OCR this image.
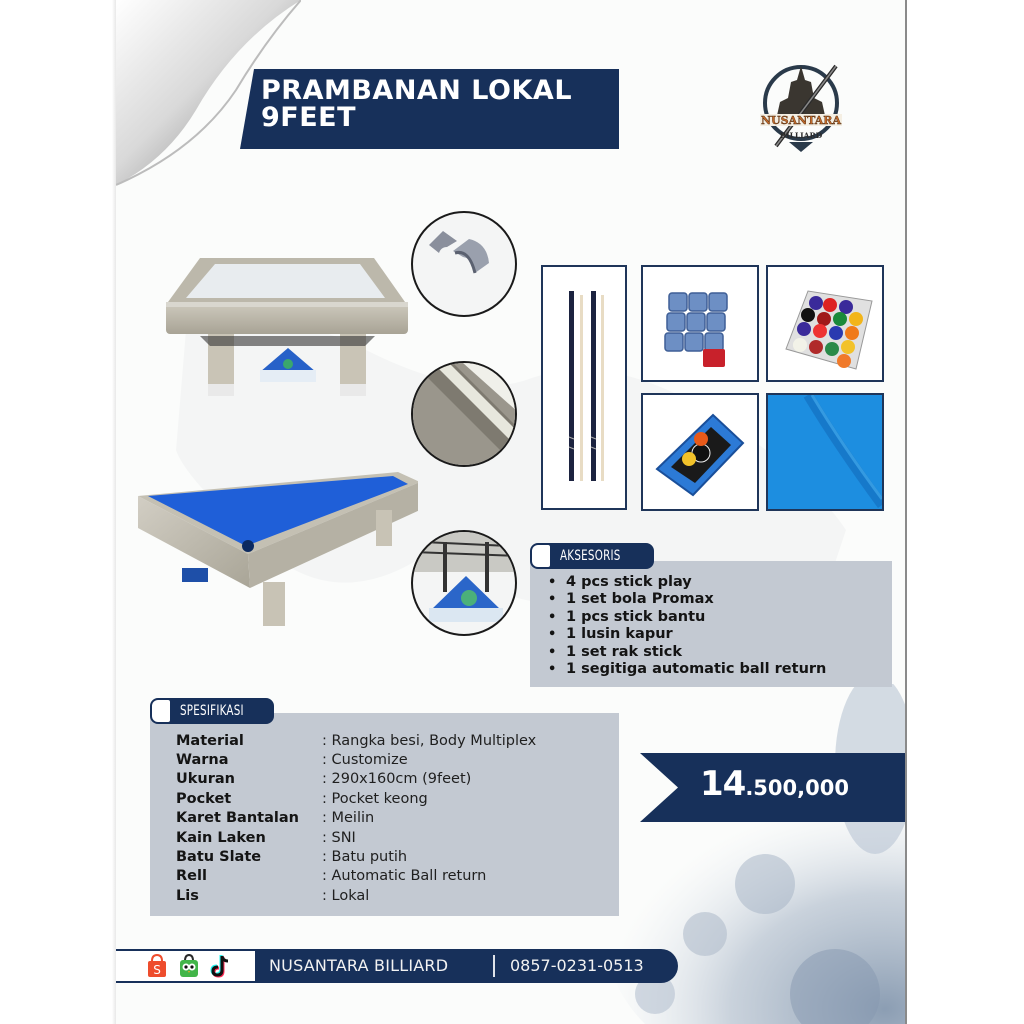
PRAMBANAN LOKAL
9FEET	NUSANTARA
BILLIARD
AKSESORIS
• 4 pcs stick play
• 1 set bola Promax
• 1 pcs stick bantu
• 1 lusin kapur
• 1 set rak stick
• 1 segitiga automatic ball return
SPESIFIKASI
Material	: Rangka besi, Body Multiplex
Warna	: Customize
Ukuran	: 290x160cm (9feet)
Pocket	: Pocket keong
Karet Bantalan	: Meilin
Kain Laken	: SNI
Batu Slate	: Batu putih
Rell	: Automatic Ball return
Lis	: Lokal
14.500,000
S	NUSANTARA BILLIARD	0857-0231-0513
